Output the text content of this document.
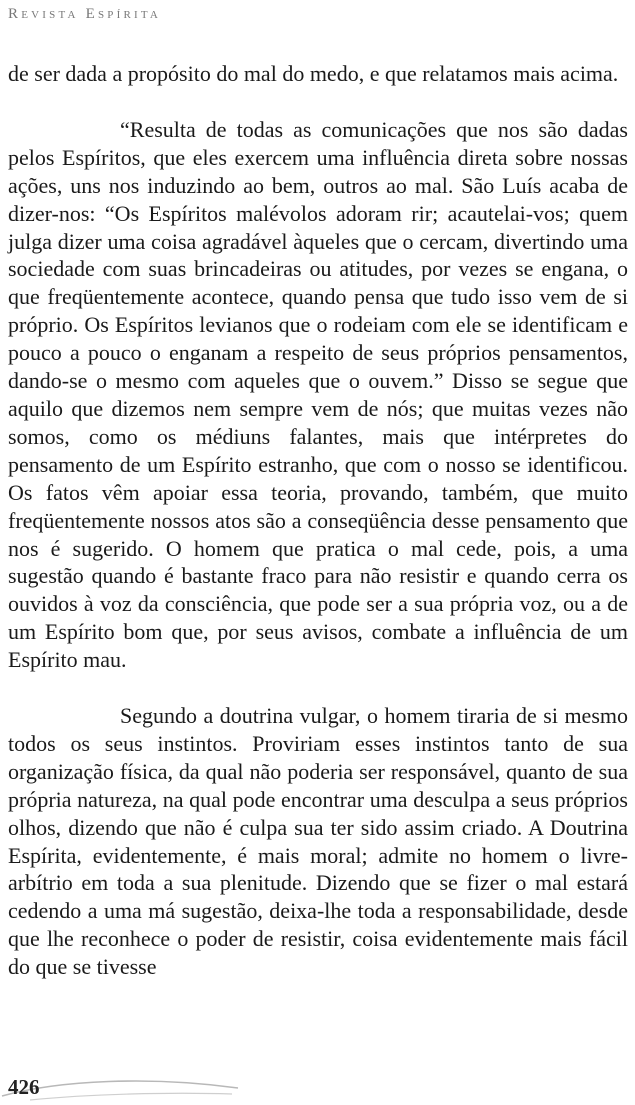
Revista Espírita

de ser dada a propósito do mal do medo, e que relatamos mais acima.

“Resulta de todas as comunicações que nos são dadas pelos Espíritos, que eles exercem uma influência direta sobre nossas ações, uns nos induzindo ao bem, outros ao mal. São Luís acaba de dizer-nos: “Os Espíritos malévolos adoram rir; acautelai-vos; quem julga dizer uma coisa agradável àqueles que o cercam, divertindo uma sociedade com suas brincadeiras ou atitudes, por vezes se engana, o que freqüentemente acontece, quando pensa que tudo isso vem de si próprio. Os Espíritos levianos que o rodeiam com ele se identificam e pouco a pouco o enganam a respeito de seus próprios pensamentos, dando-se o mesmo com aqueles que o ouvem.” Disso se segue que aquilo que dizemos nem sempre vem de nós; que muitas vezes não somos, como os médiuns falantes, mais que intérpretes do pensamento de um Espírito estranho, que com o nosso se identificou. Os fatos vêm apoiar essa teoria, provando, também, que muito freqüentemente nossos atos são a conseqüência desse pensamento que nos é sugerido. O homem que pratica o mal cede, pois, a uma sugestão quando é bastante fraco para não resistir e quando cerra os ouvidos à voz da consciência, que pode ser a sua própria voz, ou a de um Espírito bom que, por seus avisos, combate a influência de um Espírito mau.

Segundo a doutrina vulgar, o homem tiraria de si mesmo todos os seus instintos. Proviriam esses instintos tanto de sua organização física, da qual não poderia ser responsável, quanto de sua própria natureza, na qual pode encontrar uma desculpa a seus próprios olhos, dizendo que não é culpa sua ter sido assim criado. A Doutrina Espírita, evidentemente, é mais moral; admite no homem o livre-arbítrio em toda a sua plenitude. Dizendo que se fizer o mal estará cedendo a uma má sugestão, deixa-lhe toda a responsabilidade, desde que lhe reconhece o poder de resistir, coisa evidentemente mais fácil do que se tivesse

426
